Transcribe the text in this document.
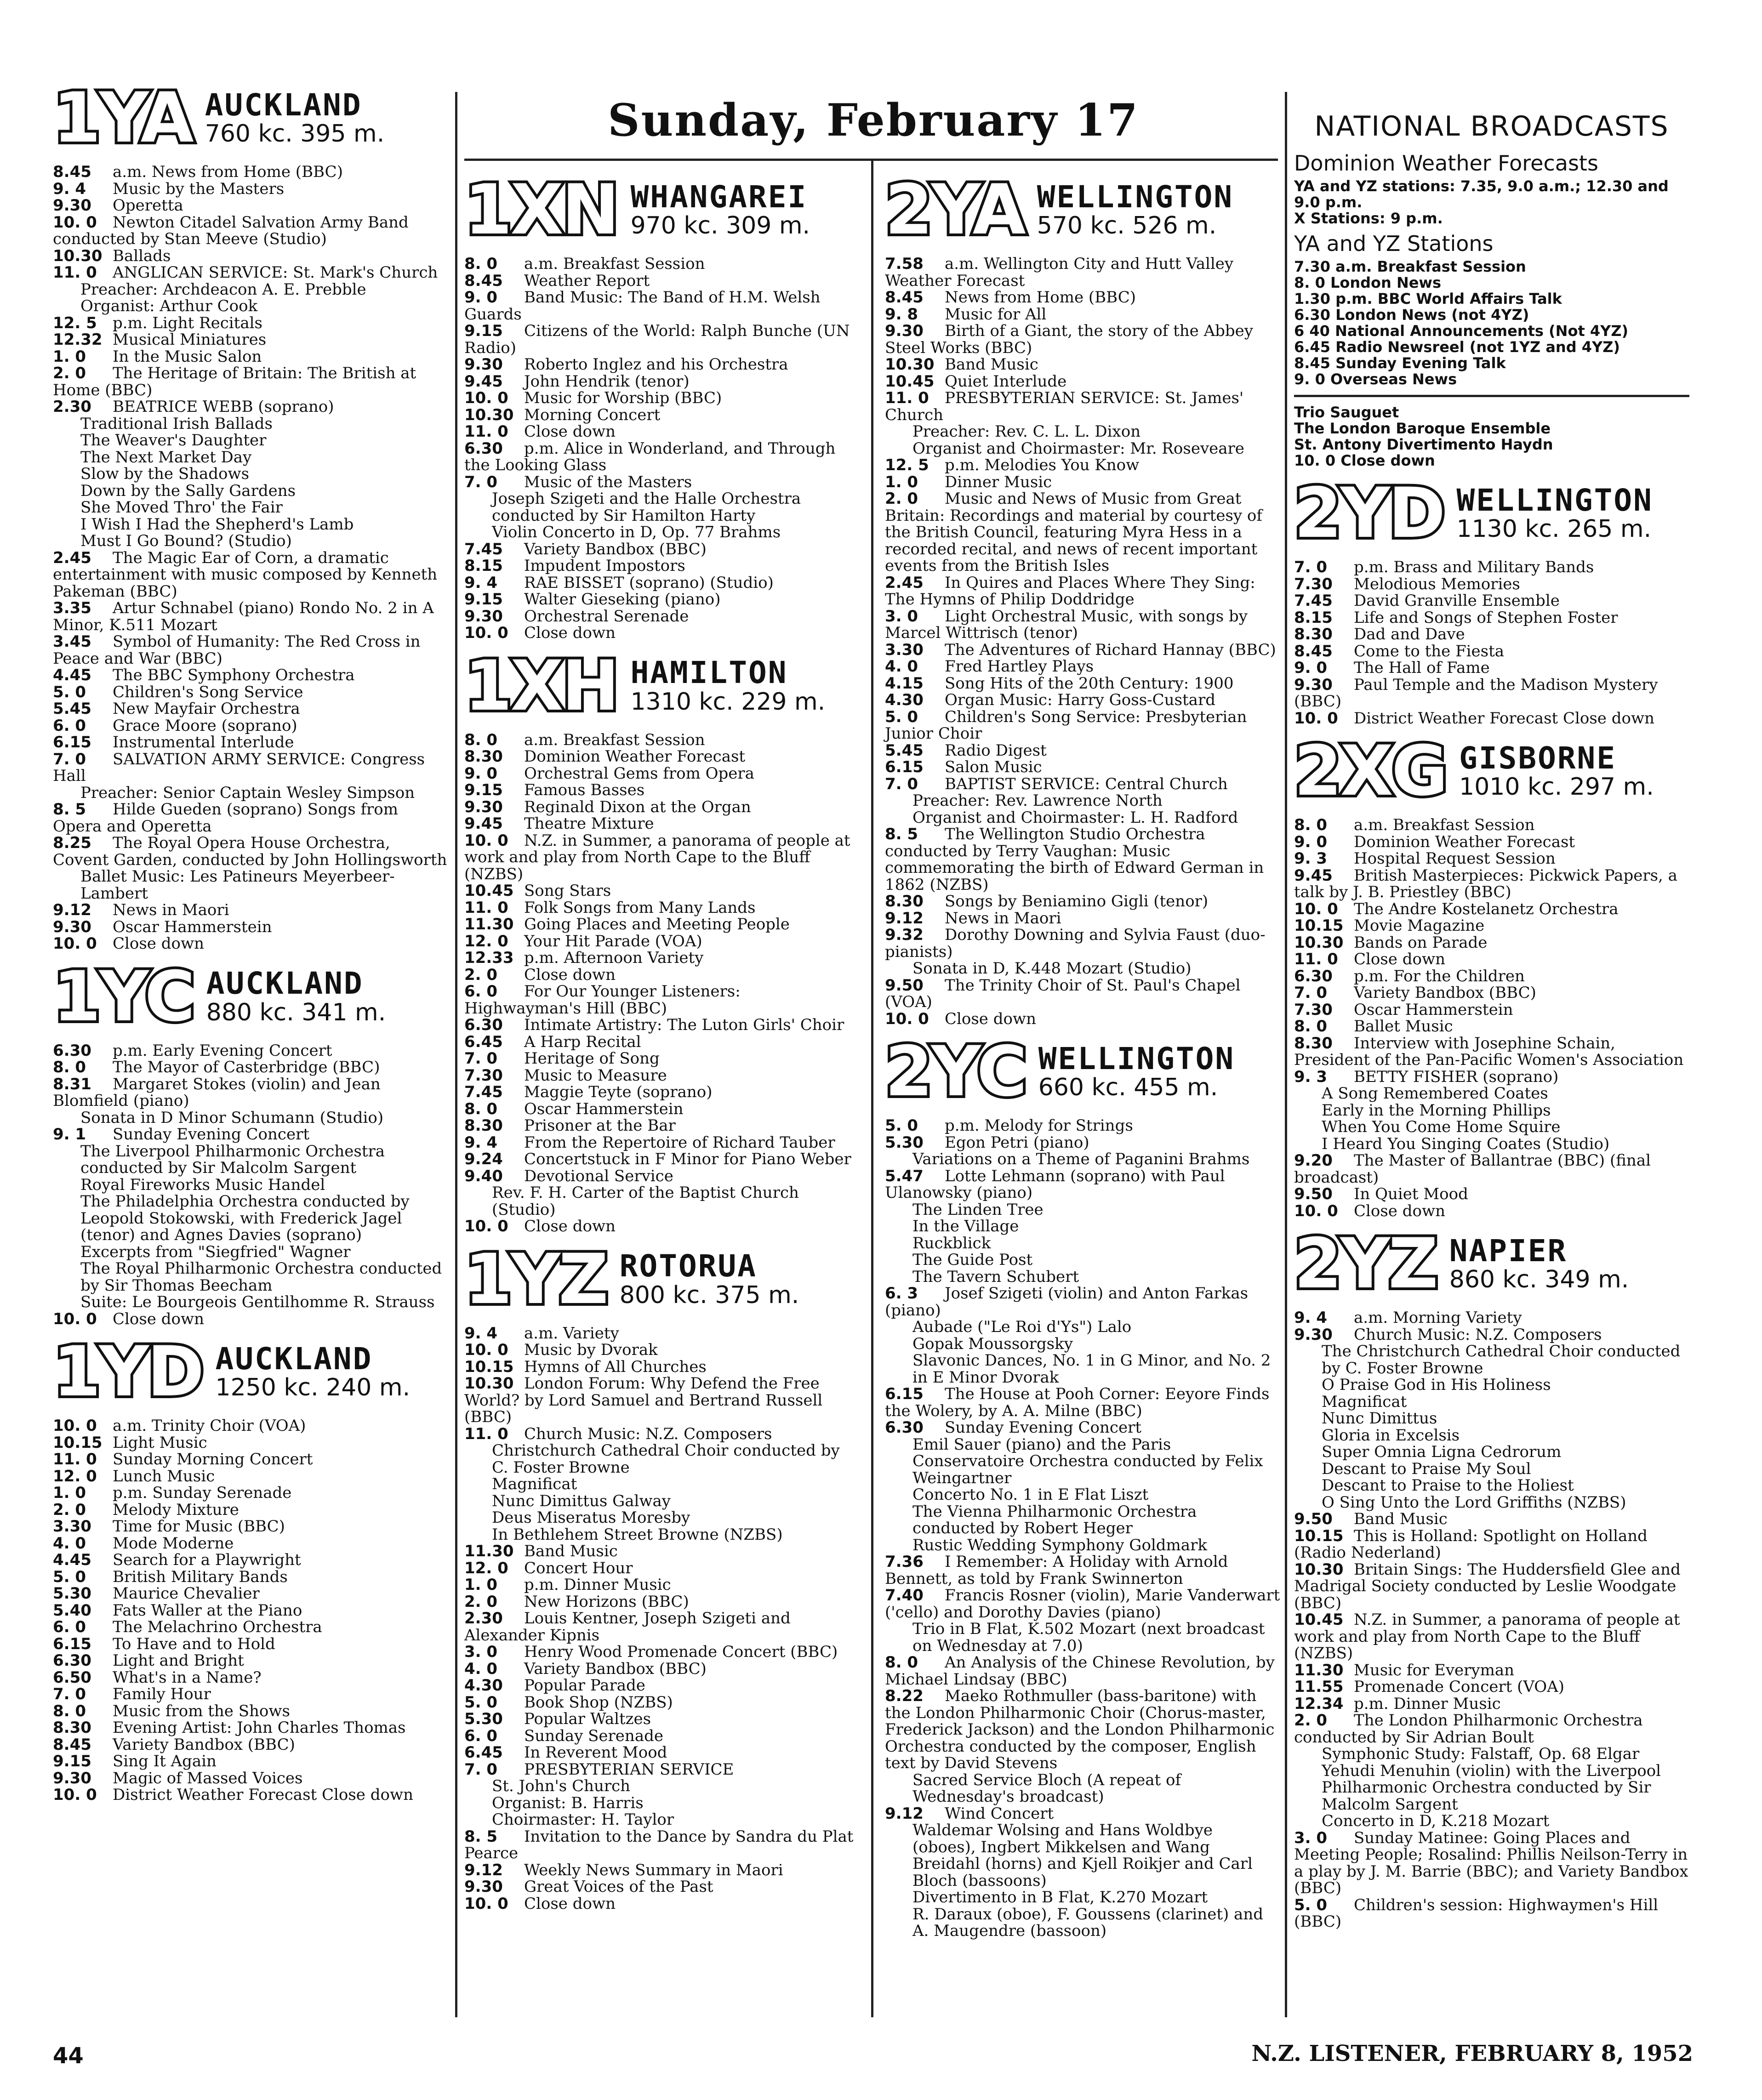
Sunday, February 17
1YA AUCKLAND
760 kc. 395 m.
8.45 a.m. News from Home (BBC)
9. 4 Music by the Masters
9.30 Operetta
10. 0 Newton Citadel Salvation Army Band conducted by Stan Meeve (Studio)
10.30 Ballads
11. 0 ANGLICAN SERVICE: St. Mark's Church
Preacher: Archdeacon A. E. Prebble
Organist: Arthur Cook
12. 5 p.m. Light Recitals
12.32 Musical Miniatures
1. 0 In the Music Salon
2. 0 The Heritage of Britain: The British at Home (BBC)
2.30 BEATRICE WEBB (soprano)
Traditional Irish Ballads
The Weaver's Daughter
The Next Market Day
Slow by the Shadows
Down by the Sally Gardens
She Moved Thro' the Fair
I Wish I Had the Shepherd's Lamb
Must I Go Bound? (Studio)
2.45 The Magic Ear of Corn, a dramatic entertainment with music composed by Kenneth Pakeman (BBC)
3.35 Artur Schnabel (piano) Rondo No. 2 in A Minor, K.511 Mozart
3.45 Symbol of Humanity: The Red Cross in Peace and War (BBC)
4.45 The BBC Symphony Orchestra
5. 0 Children's Song Service
5.45 New Mayfair Orchestra
6. 0 Grace Moore (soprano)
6.15 Instrumental Interlude
7. 0 SALVATION ARMY SERVICE: Congress Hall
Preacher: Senior Captain Wesley Simpson
8. 5 Hilde Gueden (soprano) Songs from Opera and Operetta
8.25 The Royal Opera House Orchestra, Covent Garden, conducted by John Hollingsworth
Ballet Music: Les Patineurs Meyerbeer-Lambert
9.12 News in Maori
9.30 Oscar Hammerstein
10. 0 Close down
1YC AUCKLAND
880 kc. 341 m.
6.30 p.m. Early Evening Concert
8. 0 The Mayor of Casterbridge (BBC)
8.31 Margaret Stokes (violin) and Jean Blomfield (piano)
Sonata in D Minor Schumann (Studio)
9. 1 Sunday Evening Concert
The Liverpool Philharmonic Orchestra conducted by Sir Malcolm Sargent
Royal Fireworks Music Handel
The Philadelphia Orchestra conducted by Leopold Stokowski, with Frederick Jagel (tenor) and Agnes Davies (soprano)
Excerpts from "Siegfried" Wagner
The Royal Philharmonic Orchestra conducted by Sir Thomas Beecham
Suite: Le Bourgeois Gentilhomme R. Strauss
10. 0 Close down
1YD AUCKLAND
1250 kc. 240 m.
10. 0 a.m. Trinity Choir (VOA)
10.15 Light Music
11. 0 Sunday Morning Concert
12. 0 Lunch Music
1. 0 p.m. Sunday Serenade
2. 0 Melody Mixture
3.30 Time for Music (BBC)
4. 0 Mode Moderne
4.45 Search for a Playwright
5. 0 British Military Bands
5.30 Maurice Chevalier
5.40 Fats Waller at the Piano
6. 0 The Melachrino Orchestra
6.15 To Have and to Hold
6.30 Light and Bright
6.50 What's in a Name?
7. 0 Family Hour
8. 0 Music from the Shows
8.30 Evening Artist: John Charles Thomas
8.45 Variety Bandbox (BBC)
9.15 Sing It Again
9.30 Magic of Massed Voices
10. 0 District Weather Forecast Close down
1XN WHANGAREI
970 kc. 309 m.
8. 0 a.m. Breakfast Session
8.45 Weather Report
9. 0 Band Music: The Band of H.M. Welsh Guards
9.15 Citizens of the World: Ralph Bunche (UN Radio)
9.30 Roberto Inglez and his Orchestra
9.45 John Hendrik (tenor)
10. 0 Music for Worship (BBC)
10.30 Morning Concert
11. 0 Close down
6.30 p.m. Alice in Wonderland, and Through the Looking Glass
7. 0 Music of the Masters
Joseph Szigeti and the Halle Orchestra conducted by Sir Hamilton Harty
Violin Concerto in D, Op. 77 Brahms
7.45 Variety Bandbox (BBC)
8.15 Impudent Impostors
9. 4 RAE BISSET (soprano) (Studio)
9.15 Walter Gieseking (piano)
9.30 Orchestral Serenade
10. 0 Close down
1XH HAMILTON
1310 kc. 229 m.
8. 0 a.m. Breakfast Session
8.30 Dominion Weather Forecast
9. 0 Orchestral Gems from Opera
9.15 Famous Basses
9.30 Reginald Dixon at the Organ
9.45 Theatre Mixture
10. 0 N.Z. in Summer, a panorama of people at work and play from North Cape to the Bluff (NZBS)
10.45 Song Stars
11. 0 Folk Songs from Many Lands
11.30 Going Places and Meeting People
12. 0 Your Hit Parade (VOA)
12.33 p.m. Afternoon Variety
2. 0 Close down
6. 0 For Our Younger Listeners: Highwayman's Hill (BBC)
6.30 Intimate Artistry: The Luton Girls' Choir
6.45 A Harp Recital
7. 0 Heritage of Song
7.30 Music to Measure
7.45 Maggie Teyte (soprano)
8. 0 Oscar Hammerstein
8.30 Prisoner at the Bar
9. 4 From the Repertoire of Richard Tauber
9.24 Concertstuck in F Minor for Piano Weber
9.40 Devotional Service
Rev. F. H. Carter of the Baptist Church (Studio)
10. 0 Close down
1YZ ROTORUA
800 kc. 375 m.
9. 4 a.m. Variety
10. 0 Music by Dvorak
10.15 Hymns of All Churches
10.30 London Forum: Why Defend the Free World? by Lord Samuel and Bertrand Russell (BBC)
11. 0 Church Music: N.Z. Composers
Christchurch Cathedral Choir conducted by C. Foster Browne
Magnificat
Nunc Dimittus Galway
Deus Miseratus Moresby
In Bethlehem Street Browne (NZBS)
11.30 Band Music
12. 0 Concert Hour
1. 0 p.m. Dinner Music
2. 0 New Horizons (BBC)
2.30 Louis Kentner, Joseph Szigeti and Alexander Kipnis
3. 0 Henry Wood Promenade Concert (BBC)
4. 0 Variety Bandbox (BBC)
4.30 Popular Parade
5. 0 Book Shop (NZBS)
5.30 Popular Waltzes
6. 0 Sunday Serenade
6.45 In Reverent Mood
7. 0 PRESBYTERIAN SERVICE
St. John's Church
Organist: B. Harris
Choirmaster: H. Taylor
8. 5 Invitation to the Dance by Sandra du Plat Pearce
9.12 Weekly News Summary in Maori
9.30 Great Voices of the Past
10. 0 Close down
2YA WELLINGTON
570 kc. 526 m.
7.58 a.m. Wellington City and Hutt Valley Weather Forecast
8.45 News from Home (BBC)
9. 8 Music for All
9.30 Birth of a Giant, the story of the Abbey Steel Works (BBC)
10.30 Band Music
10.45 Quiet Interlude
11. 0 PRESBYTERIAN SERVICE: St. James' Church
Preacher: Rev. C. L. L. Dixon
Organist and Choirmaster: Mr. Roseveare
12. 5 p.m. Melodies You Know
1. 0 Dinner Music
2. 0 Music and News of Music from Great Britain: Recordings and material by courtesy of the British Council, featuring Myra Hess in a recorded recital, and news of recent important events from the British Isles
2.45 In Quires and Places Where They Sing: The Hymns of Philip Doddridge
3. 0 Light Orchestral Music, with songs by Marcel Wittrisch (tenor)
3.30 The Adventures of Richard Hannay (BBC)
4. 0 Fred Hartley Plays
4.15 Song Hits of the 20th Century: 1900
4.30 Organ Music: Harry Goss-Custard
5. 0 Children's Song Service: Presbyterian Junior Choir
5.45 Radio Digest
6.15 Salon Music
7. 0 BAPTIST SERVICE: Central Church
Preacher: Rev. Lawrence North
Organist and Choirmaster: L. H. Radford
8. 5 The Wellington Studio Orchestra conducted by Terry Vaughan: Music commemorating the birth of Edward German in 1862 (NZBS)
8.30 Songs by Beniamino Gigli (tenor)
9.12 News in Maori
9.32 Dorothy Downing and Sylvia Faust (duo-pianists)
Sonata in D, K.448 Mozart (Studio)
9.50 The Trinity Choir of St. Paul's Chapel (VOA)
10. 0 Close down
2YC WELLINGTON
660 kc. 455 m.
5. 0 p.m. Melody for Strings
5.30 Egon Petri (piano)
Variations on a Theme of Paganini Brahms
5.47 Lotte Lehmann (soprano) with Paul Ulanowsky (piano)
The Linden Tree
In the Village
Ruckblick
The Guide Post
The Tavern Schubert
6. 3 Josef Szigeti (violin) and Anton Farkas (piano)
Aubade ("Le Roi d'Ys") Lalo
Gopak Moussorgsky
Slavonic Dances, No. 1 in G Minor, and No. 2 in E Minor Dvorak
6.15 The House at Pooh Corner: Eeyore Finds the Wolery, by A. A. Milne (BBC)
6.30 Sunday Evening Concert
Emil Sauer (piano) and the Paris Conservatoire Orchestra conducted by Felix Weingartner
Concerto No. 1 in E Flat Liszt
The Vienna Philharmonic Orchestra conducted by Robert Heger
Rustic Wedding Symphony Goldmark
7.36 I Remember: A Holiday with Arnold Bennett, as told by Frank Swinnerton
7.40 Francis Rosner (violin), Marie Vanderwart ('cello) and Dorothy Davies (piano)
Trio in B Flat, K.502 Mozart (next broadcast on Wednesday at 7.0)
8. 0 An Analysis of the Chinese Revolution, by Michael Lindsay (BBC)
8.22 Maeko Rothmuller (bass-baritone) with the London Philharmonic Choir (Chorus-master, Frederick Jackson) and the London Philharmonic Orchestra conducted by the composer, English text by David Stevens
Sacred Service Bloch (A repeat of Wednesday's broadcast)
9.12 Wind Concert
Waldemar Wolsing and Hans Woldbye (oboes), Ingbert Mikkelsen and Wang Breidahl (horns) and Kjell Roikjer and Carl Bloch (bassoons)
Divertimento in B Flat, K.270 Mozart
R. Daraux (oboe), F. Goussens (clarinet) and A. Maugendre (bassoon)
NATIONAL BROADCASTS
Dominion Weather Forecasts
YA and YZ stations: 7.35, 9.0 a.m.; 12.30 and 9.0 p.m.
X Stations: 9 p.m.
YA and YZ Stations
7.30 a.m. Breakfast Session
8. 0 London News
1.30 p.m. BBC World Affairs Talk
6.30 London News (not 4YZ)
6 40 National Announcements (Not 4YZ)
6.45 Radio Newsreel (not 1YZ and 4YZ)
8.45 Sunday Evening Talk
9. 0 Overseas News
Trio Sauguet
The London Baroque Ensemble
St. Antony Divertimento Haydn
10. 0 Close down
2YD WELLINGTON
1130 kc. 265 m.
7. 0 p.m. Brass and Military Bands
7.30 Melodious Memories
7.45 David Granville Ensemble
8.15 Life and Songs of Stephen Foster
8.30 Dad and Dave
8.45 Come to the Fiesta
9. 0 The Hall of Fame
9.30 Paul Temple and the Madison Mystery (BBC)
10. 0 District Weather Forecast Close down
2XG GISBORNE
1010 kc. 297 m.
8. 0 a.m. Breakfast Session
9. 0 Dominion Weather Forecast
9. 3 Hospital Request Session
9.45 British Masterpieces: Pickwick Papers, a talk by J. B. Priestley (BBC)
10. 0 The Andre Kostelanetz Orchestra
10.15 Movie Magazine
10.30 Bands on Parade
11. 0 Close down
6.30 p.m. For the Children
7. 0 Variety Bandbox (BBC)
7.30 Oscar Hammerstein
8. 0 Ballet Music
8.30 Interview with Josephine Schain, President of the Pan-Pacific Women's Association
9. 3 BETTY FISHER (soprano)
A Song Remembered Coates
Early in the Morning Phillips
When You Come Home Squire
I Heard You Singing Coates (Studio)
9.20 The Master of Ballantrae (BBC) (final broadcast)
9.50 In Quiet Mood
10. 0 Close down
2YZ NAPIER
860 kc. 349 m.
9. 4 a.m. Morning Variety
9.30 Church Music: N.Z. Composers
The Christchurch Cathedral Choir conducted by C. Foster Browne
O Praise God in His Holiness
Magnificat
Nunc Dimittus
Gloria in Excelsis
Super Omnia Ligna Cedrorum
Descant to Praise My Soul
Descant to Praise to the Holiest
O Sing Unto the Lord Griffiths (NZBS)
9.50 Band Music
10.15 This is Holland: Spotlight on Holland (Radio Nederland)
10.30 Britain Sings: The Huddersfield Glee and Madrigal Society conducted by Leslie Woodgate (BBC)
10.45 N.Z. in Summer, a panorama of people at work and play from North Cape to the Bluff (NZBS)
11.30 Music for Everyman
11.55 Promenade Concert (VOA)
12.34 p.m. Dinner Music
2. 0 The London Philharmonic Orchestra conducted by Sir Adrian Boult
Symphonic Study: Falstaff, Op. 68 Elgar
Yehudi Menuhin (violin) with the Liverpool Philharmonic Orchestra conducted by Sir Malcolm Sargent
Concerto in D, K.218 Mozart
3. 0 Sunday Matinee: Going Places and Meeting People; Rosalind: Phillis Neilson-Terry in a play by J. M. Barrie (BBC); and Variety Bandbox (BBC)
5. 0 Children's session: Highwaymen's Hill (BBC)
44	N.Z. LISTENER, FEBRUARY 8, 1952
